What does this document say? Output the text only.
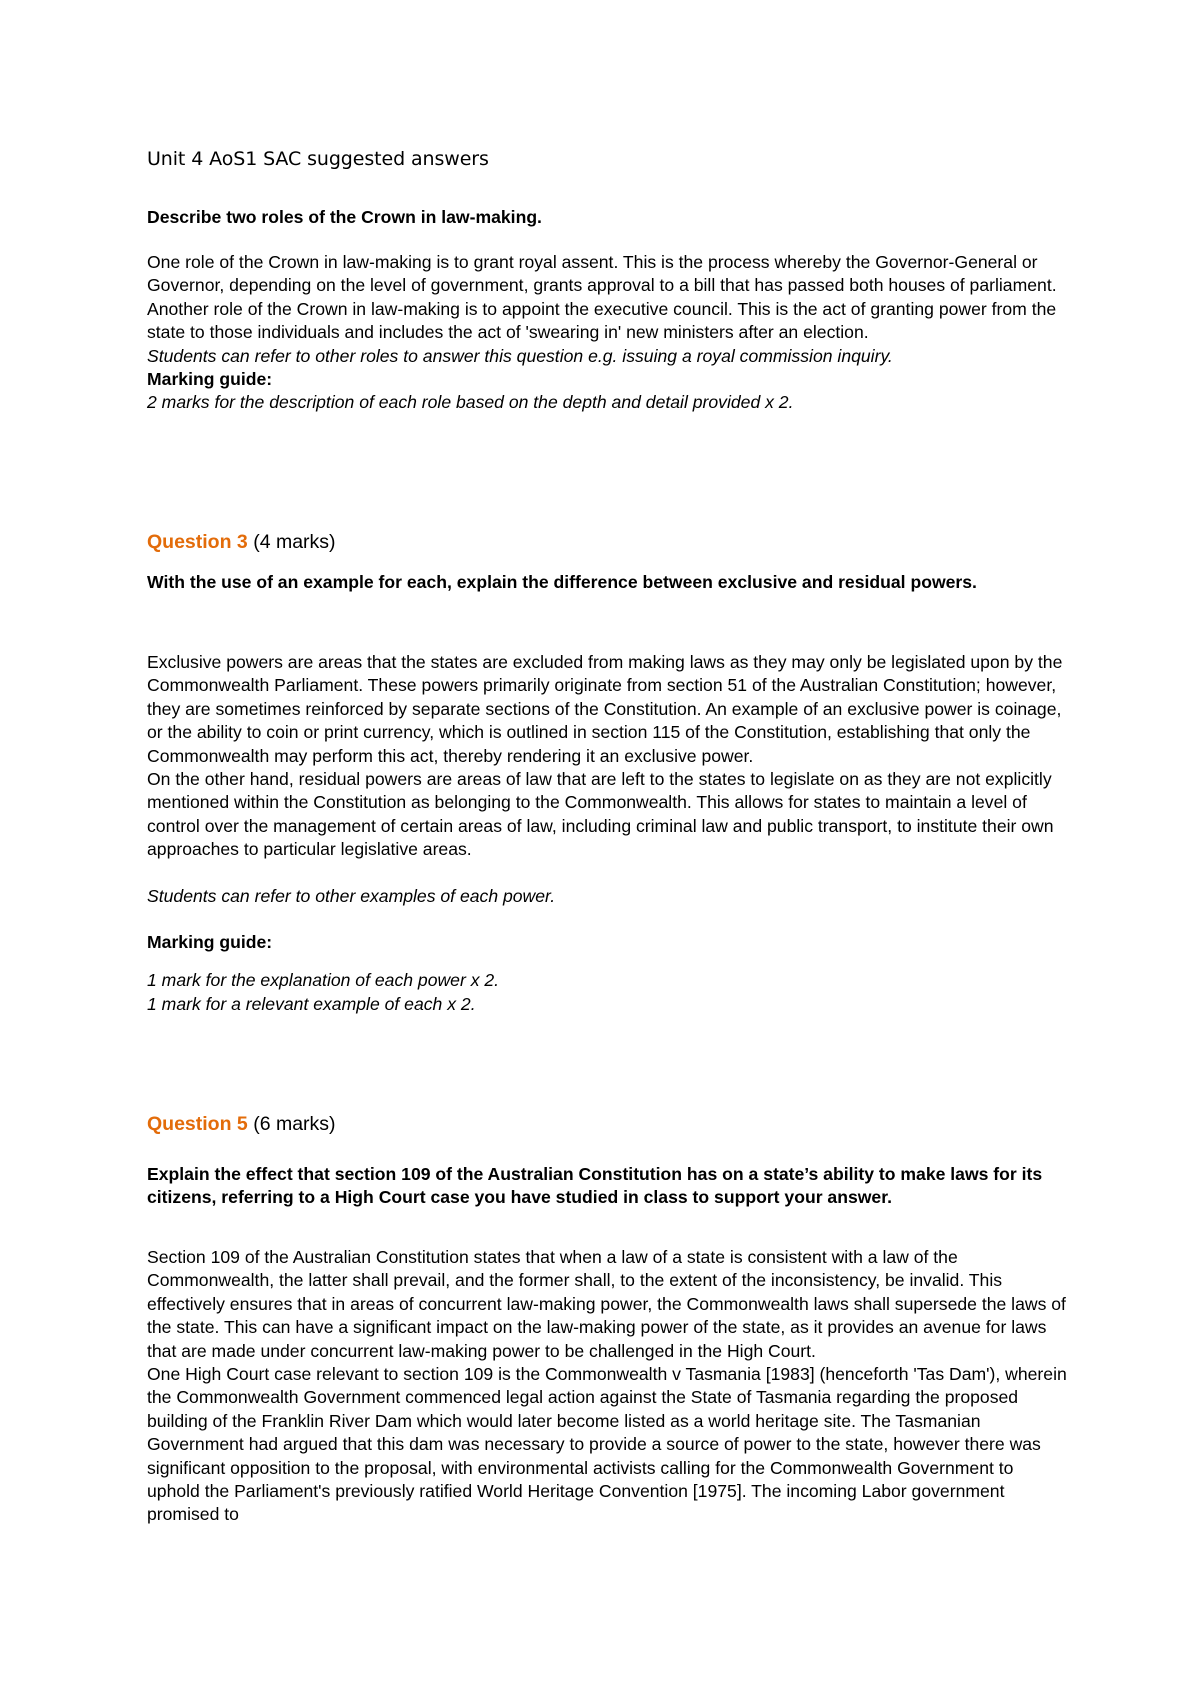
Unit 4 AoS1 SAC suggested answers
Describe two roles of the Crown in law-making.

One role of the Crown in law-making is to grant royal assent. This is the process whereby the Governor-General or Governor, depending on the level of government, grants approval to a bill that has passed both houses of parliament.

Another role of the Crown in law-making is to appoint the executive council. This is the act of granting power from the state to those individuals and includes the act of 'swearing in' new ministers after an election.

Students can refer to other roles to answer this question e.g. issuing a royal commission inquiry.

Marking guide:

2 marks for the description of each role based on the depth and detail provided x 2.

Question 3 (4 marks)
With the use of an example for each, explain the difference between exclusive and residual powers.

Exclusive powers are areas that the states are excluded from making laws as they may only be legislated upon by the Commonwealth Parliament. These powers primarily originate from section 51 of the Australian Constitution; however, they are sometimes reinforced by separate sections of the Constitution. An example of an exclusive power is coinage, or the ability to coin or print currency, which is outlined in section 115 of the Constitution, establishing that only the Commonwealth may perform this act, thereby rendering it an exclusive power.

On the other hand, residual powers are areas of law that are left to the states to legislate on as they are not explicitly mentioned within the Constitution as belonging to the Commonwealth. This allows for states to maintain a level of control over the management of certain areas of law, including criminal law and public transport, to institute their own approaches to particular legislative areas.

Students can refer to other examples of each power.

Marking guide:

1 mark for the explanation of each power x 2.

1 mark for a relevant example of each x 2.

Question 5 (6 marks)
Explain the effect that section 109 of the Australian Constitution has on a state’s ability to make laws for its citizens, referring to a High Court case you have studied in class to support your answer.

Section 109 of the Australian Constitution states that when a law of a state is consistent with a law of the Commonwealth, the latter shall prevail, and the former shall, to the extent of the inconsistency, be invalid. This effectively ensures that in areas of concurrent law-making power, the Commonwealth laws shall supersede the laws of the state. This can have a significant impact on the law-making power of the state, as it provides an avenue for laws that are made under concurrent law-making power to be challenged in the High Court.

One High Court case relevant to section 109 is the Commonwealth v Tasmania [1983] (henceforth 'Tas Dam'), wherein the Commonwealth Government commenced legal action against the State of Tasmania regarding the proposed building of the Franklin River Dam which would later become listed as a world heritage site. The Tasmanian Government had argued that this dam was necessary to provide a source of power to the state, however there was significant opposition to the proposal, with environmental activists calling for the Commonwealth Government to uphold the Parliament's previously ratified World Heritage Convention [1975]. The incoming Labor government promised to
